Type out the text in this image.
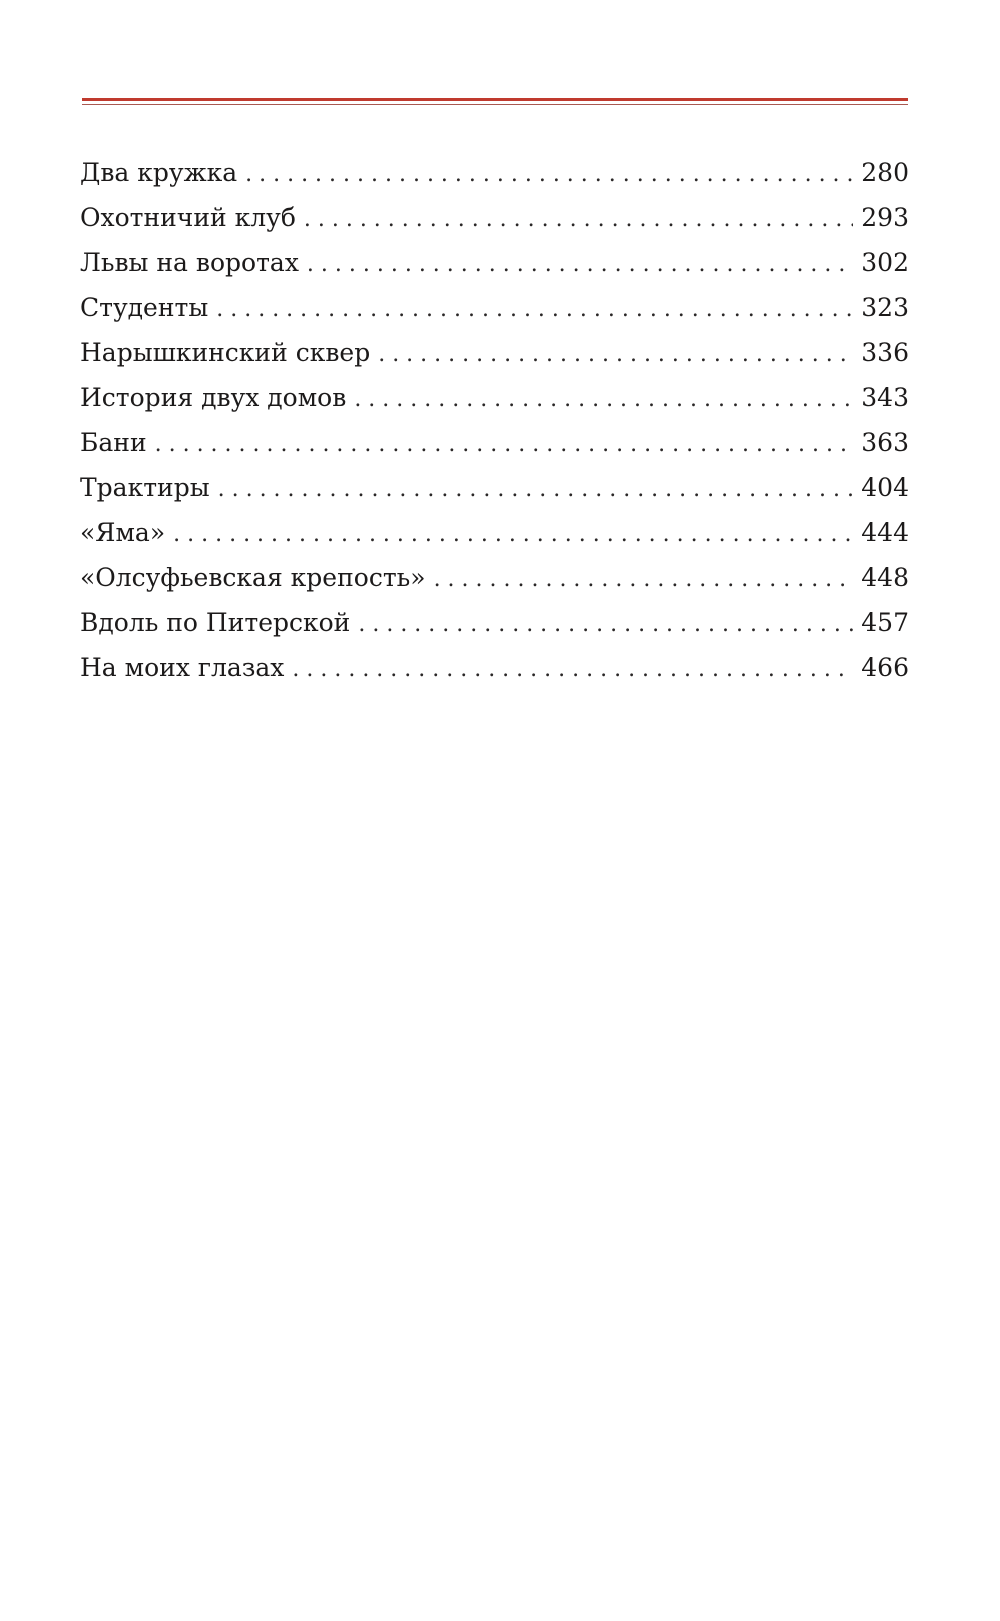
Два кружка . . .	280
Охотничий клуб . . .	293
Львы на воротах . . .	302
Студенты . . .	323
Нарышкинский сквер . . .	336
История двух домов . . .	343
Бани . . .	363
Трактиры . . .	404
«Яма» . . .	444
«Олсуфьевская крепость» . . .	448
Вдоль по Питерской . . .	457
На моих глазах . . .	466
